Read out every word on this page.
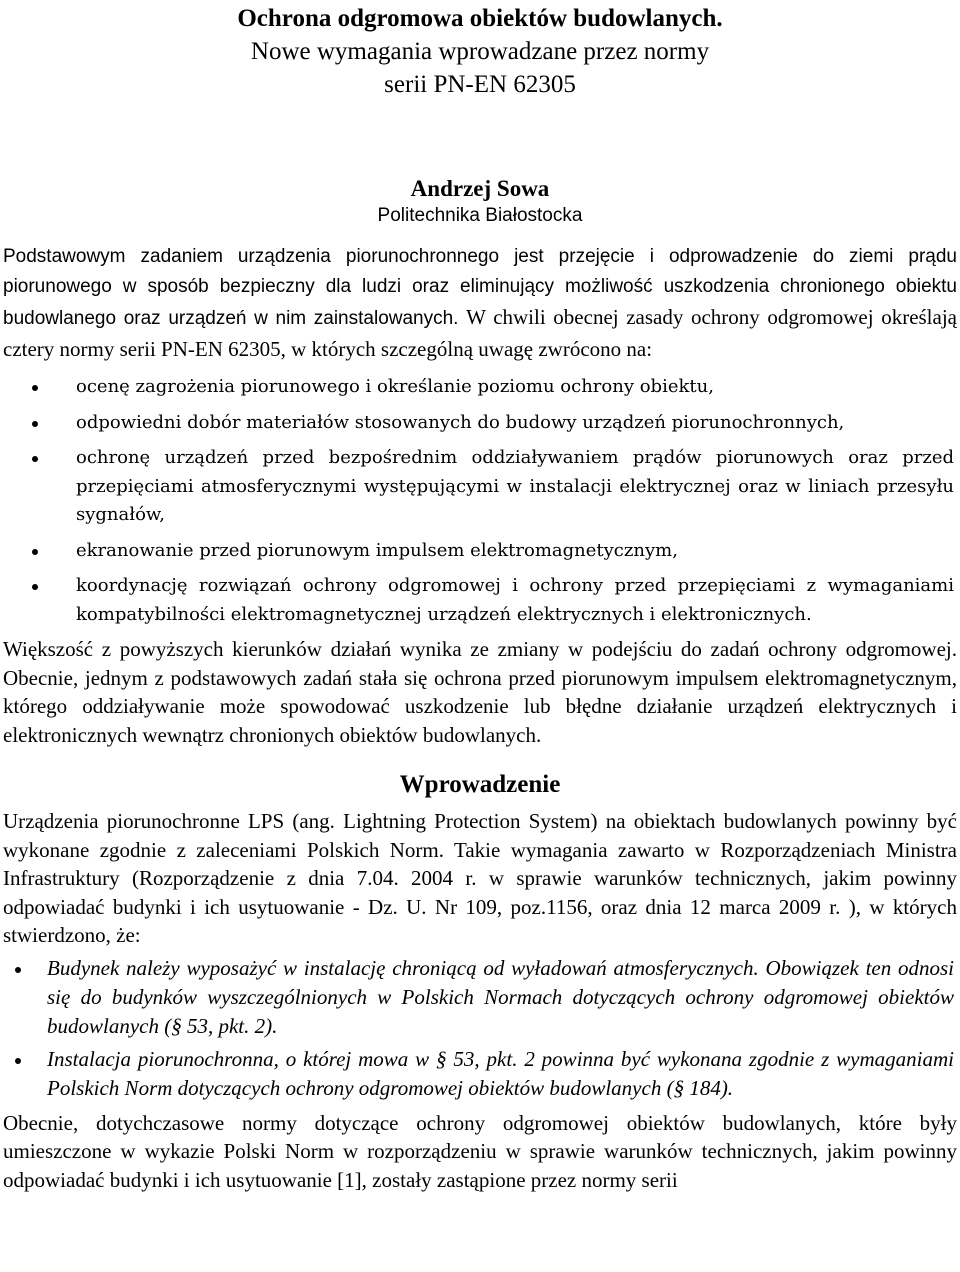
Ochrona odgromowa obiektów budowlanych.
Nowe wymagania wprowadzane przez normy
serii PN-EN 62305
Andrzej Sowa
Politechnika Białostocka

Podstawowym zadaniem urządzenia piorunochronnego jest przejęcie i odprowadzenie do ziemi prądu piorunowego w sposób bezpieczny dla ludzi oraz eliminujący możliwość uszkodzenia chronionego obiektu budowlanego oraz urządzeń w nim zainstalowanych. W chwili obecnej zasady ochrony odgromowej określają cztery normy serii PN-EN 62305, w których szczególną uwagę zwrócono na:

ocenę zagrożenia piorunowego i określanie poziomu ochrony obiektu,
odpowiedni dobór materiałów stosowanych do budowy urządzeń piorunochronnych,
ochronę urządzeń przed bezpośrednim oddziaływaniem prądów piorunowych oraz przed przepięciami atmosferycznymi występującymi w instalacji elektrycznej oraz w liniach przesyłu sygnałów,
ekranowanie przed piorunowym impulsem elektromagnetycznym,
koordynację rozwiązań ochrony odgromowej i ochrony przed przepięciami z wymaganiami kompatybilności elektromagnetycznej urządzeń elektrycznych i elektronicznych.

Większość z powyższych kierunków działań wynika ze zmiany w podejściu do zadań ochrony odgromowej. Obecnie, jednym z podstawowych zadań stała się ochrona przed piorunowym impulsem elektromagnetycznym, którego oddziaływanie może spowodować uszkodzenie lub błędne działanie urządzeń elektrycznych i elektronicznych wewnątrz chronionych obiektów budowlanych.

Wprowadzenie

Urządzenia piorunochronne LPS (ang. Lightning Protection System) na obiektach budowlanych powinny być wykonane zgodnie z zaleceniami Polskich Norm. Takie wymagania zawarto w Rozporządzeniach Ministra Infrastruktury (Rozporządzenie z dnia 7.04. 2004 r. w sprawie warunków technicznych, jakim powinny odpowiadać budynki i ich usytuowanie - Dz. U. Nr 109, poz.1156, oraz dnia 12 marca 2009 r. ), w których stwierdzono, że:

Budynek należy wyposażyć w instalację chroniącą od wyładowań atmosferycznych. Obowiązek ten odnosi się do budynków wyszczególnionych w Polskich Normach dotyczących ochrony odgromowej obiektów budowlanych (§ 53, pkt. 2).
Instalacja piorunochronna, o której mowa w § 53, pkt. 2 powinna być wykonana zgodnie z wymaganiami Polskich Norm dotyczących ochrony odgromowej obiektów budowlanych (§ 184).

Obecnie, dotychczasowe normy dotyczące ochrony odgromowej obiektów budowlanych, które były umieszczone w wykazie Polski Norm w rozporządzeniu w sprawie warunków technicznych, jakim powinny odpowiadać budynki i ich usytuowanie [1], zostały zastąpione przez normy serii
